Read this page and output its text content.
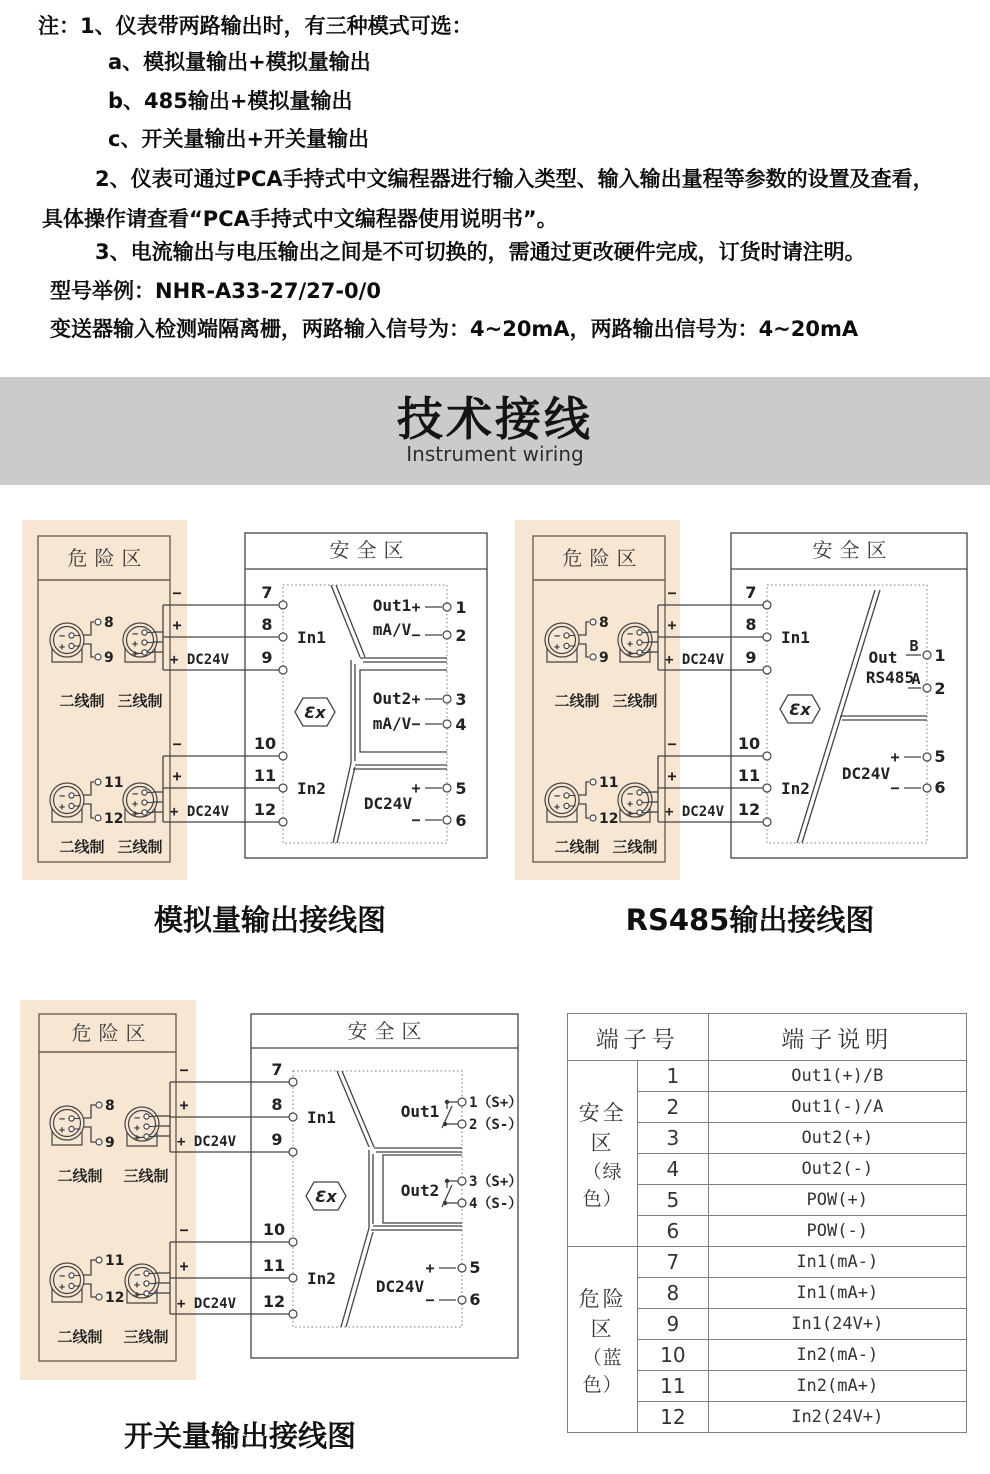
注：1、仪表带两路输出时，有三种模式可选：
a、模拟量输出+模拟量输出
b、485输出+模拟量输出
c、开关量输出+开关量输出
2、仪表可通过PCA手持式中文编程器进行输入类型、输入输出量程等参数的设置及查看，
具体操作请查看“PCA手持式中文编程器使用说明书”。
3、电流输出与电压输出之间是不可切换的，需通过更改硬件完成，订货时请注明。
型号举例：NHR-A33-27/27-0/0
变送器输入检测端隔离栅，两路输入信号为：4~20mA，两路输出信号为：4~20mA
技术接线
Instrument wiring
危险区
8
9
11
12
二线制 三线制
二线制 三线制
−
+
+ DC24V
−
+
+ DC24V
7
8
9
10
11
12
安全区
In1
In2
Ɛx
Out1
mA/V
Out2
mA/V
DC24V
+
−
+
−
+
−
1
2
3
4
5
6
危险区
8
9
11
12
二线制 三线制
二线制 三线制
−
+
+ DC24V
−
+
+ DC24V
7
8
9
10
11
12
安全区
In1
In2
Ɛx
Out
RS485
B
A
1
2
+
−
DC24V
5
6
危险区
8
9
11
12
二线制 三线制
二线制 三线制
−
+
+ DC24V
−
+
+ DC24V
7
8
9
10
11
12
安全区
In1
In2
Ɛx
Out1
Out2
1（S+）
2（S-）
3（S+）
4（S-）
+
−
DC24V
5
6
模拟量输出接线图	RS485输出接线图
开关量输出接线图
端子号		端子说明

安全区
（绿色）	1	Out1(+)/B
	2	Out1(-)/A
	3	Out2(+)
	4	Out2(-)
	5	POW(+)
	6	POW(-)

危险区
（蓝色）	7	In1(mA-)
	8	In1(mA+)
	9	In1(24V+)
	10	In2(mA-)
	11	In2(mA+)
	12	In2(24V+)
